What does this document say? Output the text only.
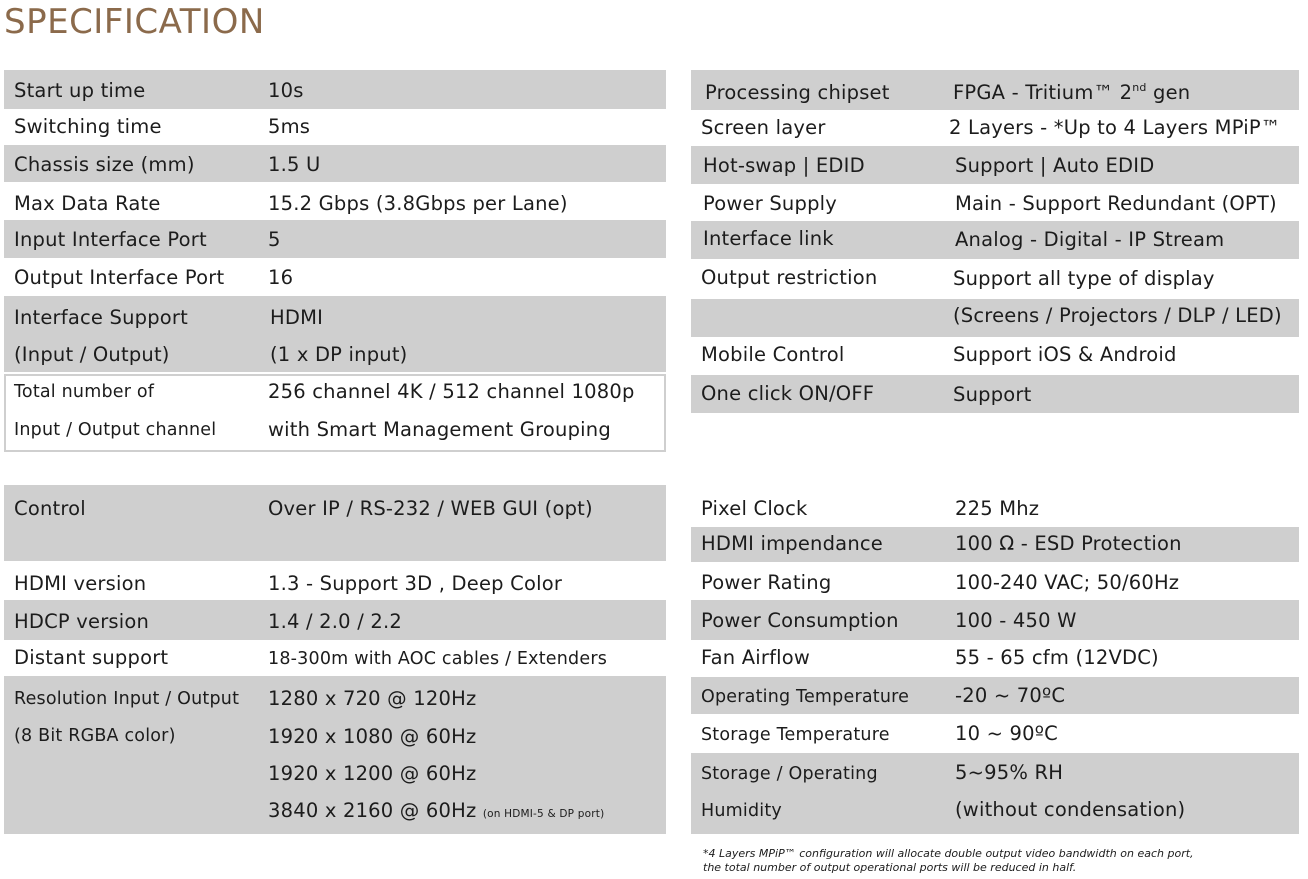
SPECIFICATION
Start up time	10s
Switching time	5ms
Chassis size (mm)	1.5 U
Max Data Rate	15.2 Gbps (3.8Gbps per Lane)
Input Interface Port	5
Output Interface Port 16
Interface Support	HDMI
(Input / Output)	(1 x DP input)
Total number of	256 channel 4K / 512 channel 1080p
Input / Output channel	with Smart Management Grouping
Processing chipset	FPGA - Tritium™ 2nd gen
Screen layer	2 Layers - *Up to 4 Layers MPiP™
Hot-swap | EDID	Support | Auto EDID
Power Supply	Main - Support Redundant (OPT)
Interface link	Analog - Digital - IP Stream
Output restriction	Support all type of display
(Screens / Projectors / DLP / LED)
Mobile Control	Support iOS & Android
One click ON/OFF	Support
Control	Over IP / RS-232 / WEB GUI (opt)
HDMI version	1.3 - Support 3D , Deep Color
HDCP version	1.4 / 2.0 / 2.2
Distant support	18-300m with AOC cables / Extenders
Resolution Input / Output 1280 x 720 @ 120Hz
(8 Bit RGBA color)	1920 x 1080 @ 60Hz
1920 x 1200 @ 60Hz
3840 x 2160 @ 60Hz (on HDMI-5 & DP port)
Pixel Clock	225 Mhz
HDMI impendance	100 Ω - ESD Protection
Power Rating	100-240 VAC; 50/60Hz
Power Consumption	100 - 450 W
Fan Airflow	55 - 65 cfm (12VDC)
Operating Temperature -20 ~ 70ºC
Storage Temperature	10 ~ 90ºC
Storage / Operating	5~95% RH
Humidity	(without condensation)
*4 Layers MPiP™ configuration will allocate double output video bandwidth on each port,
the total number of output operational ports will be reduced in half.
